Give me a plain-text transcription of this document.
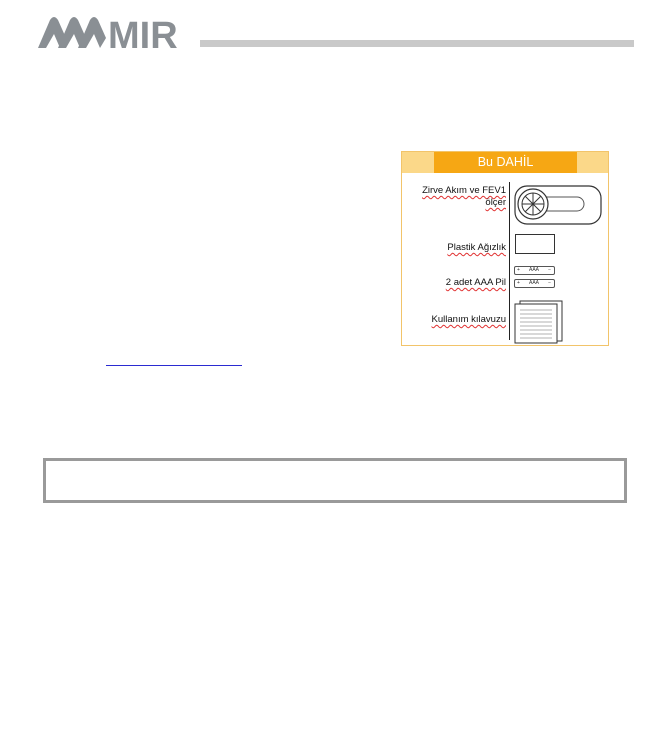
MIR
Bu DAHİL
Zirve Akım ve FEV1
ölçer
Plastik Ağızlık
2 adet AAA Pil
Kullanım kılavuzu
+ AAA −
+ AAA −
